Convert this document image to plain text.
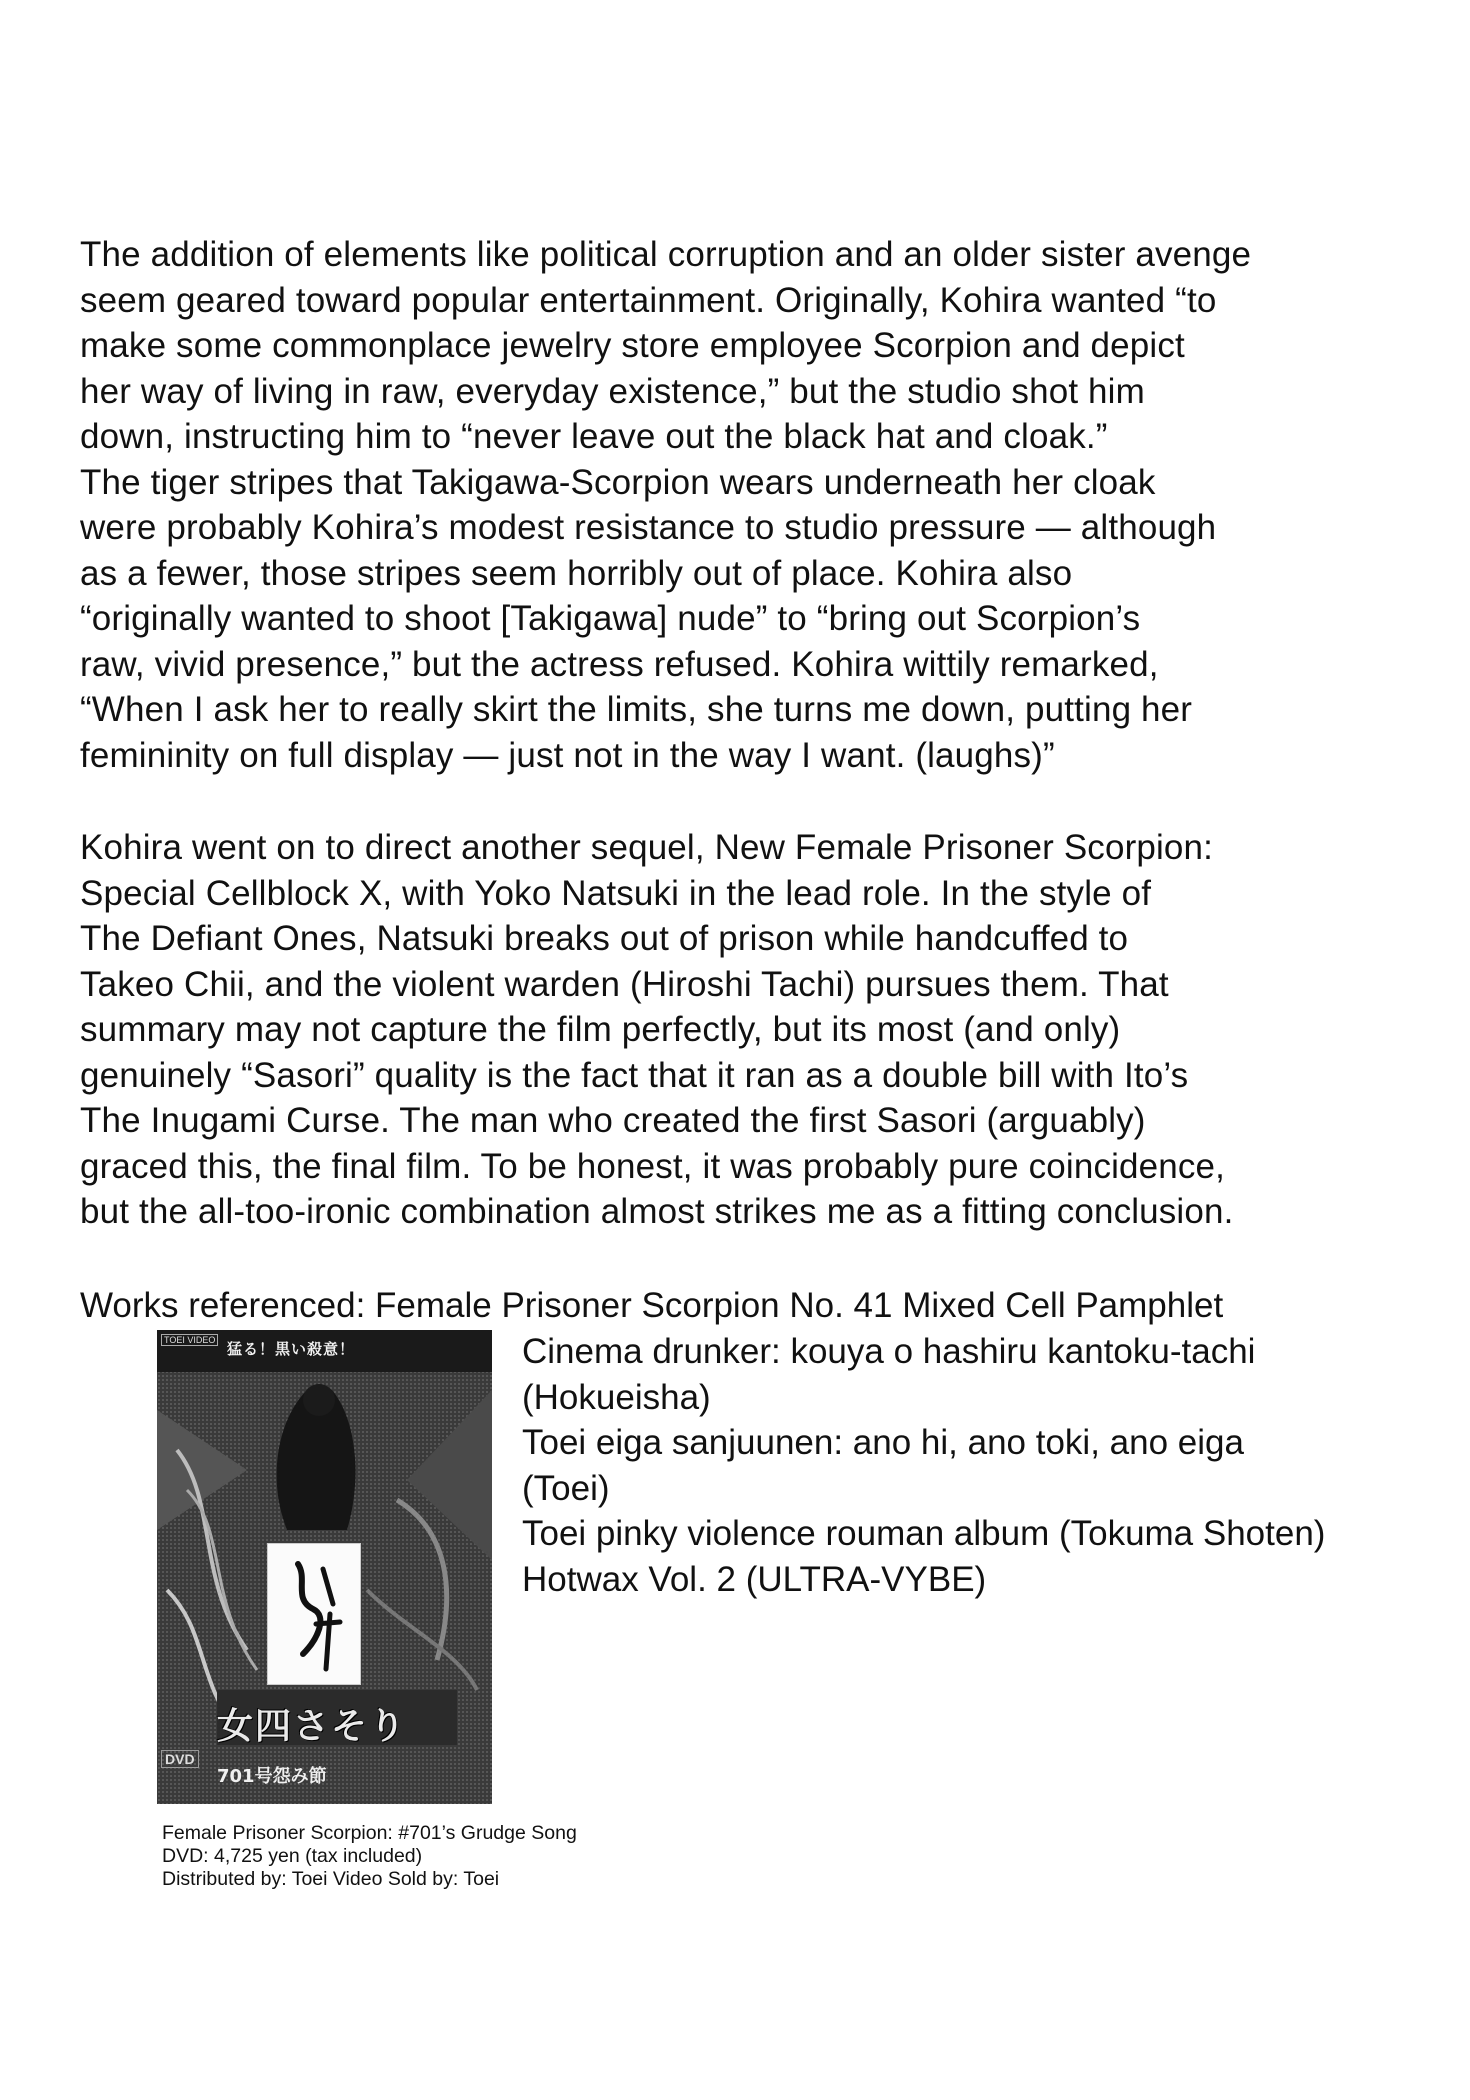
The addition of elements like political corruption and an older sister avenge
seem geared toward popular entertainment. Originally, Kohira wanted “to
make some commonplace jewelry store employee Scorpion and depict
her way of living in raw, everyday existence,” but the studio shot him
down, instructing him to “never leave out the black hat and cloak.”
The tiger stripes that Takigawa-Scorpion wears underneath her cloak
were probably Kohira’s modest resistance to studio pressure — although
as a fewer, those stripes seem horribly out of place. Kohira also
“originally wanted to shoot [Takigawa] nude” to “bring out Scorpion’s
raw, vivid presence,” but the actress refused. Kohira wittily remarked,
“When I ask her to really skirt the limits, she turns me down, putting her
femininity on full display — just not in the way I want. (laughs)”
Kohira went on to direct another sequel, New Female Prisoner Scorpion:
Special Cellblock X, with Yoko Natsuki in the lead role. In the style of
The Defiant Ones, Natsuki breaks out of prison while handcuffed to
Takeo Chii, and the violent warden (Hiroshi Tachi) pursues them. That
summary may not capture the film perfectly, but its most (and only)
genuinely “Sasori” quality is the fact that it ran as a double bill with Ito’s
The Inugami Curse. The man who created the first Sasori (arguably)
graced this, the final film. To be honest, it was probably pure coincidence,
but the all-too-ironic combination almost strikes me as a fitting conclusion.
Works referenced: Female Prisoner Scorpion No. 41 Mixed Cell Pamphlet
Cinema drunker: kouya o hashiru kantoku-tachi
(Hokueisha)
Toei eiga sanjuunen: ano hi, ano toki, ano eiga
(Toei)
Toei pinky violence rouman album (Tokuma Shoten)
Hotwax Vol. 2 (ULTRA-VYBE)
TOEI VIDEO 猛る！黒い殺意！
女四さそり
701号怨み節
DVD
Female Prisoner Scorpion: #701’s Grudge Song
DVD: 4,725 yen (tax included)
Distributed by: Toei Video Sold by: Toei
